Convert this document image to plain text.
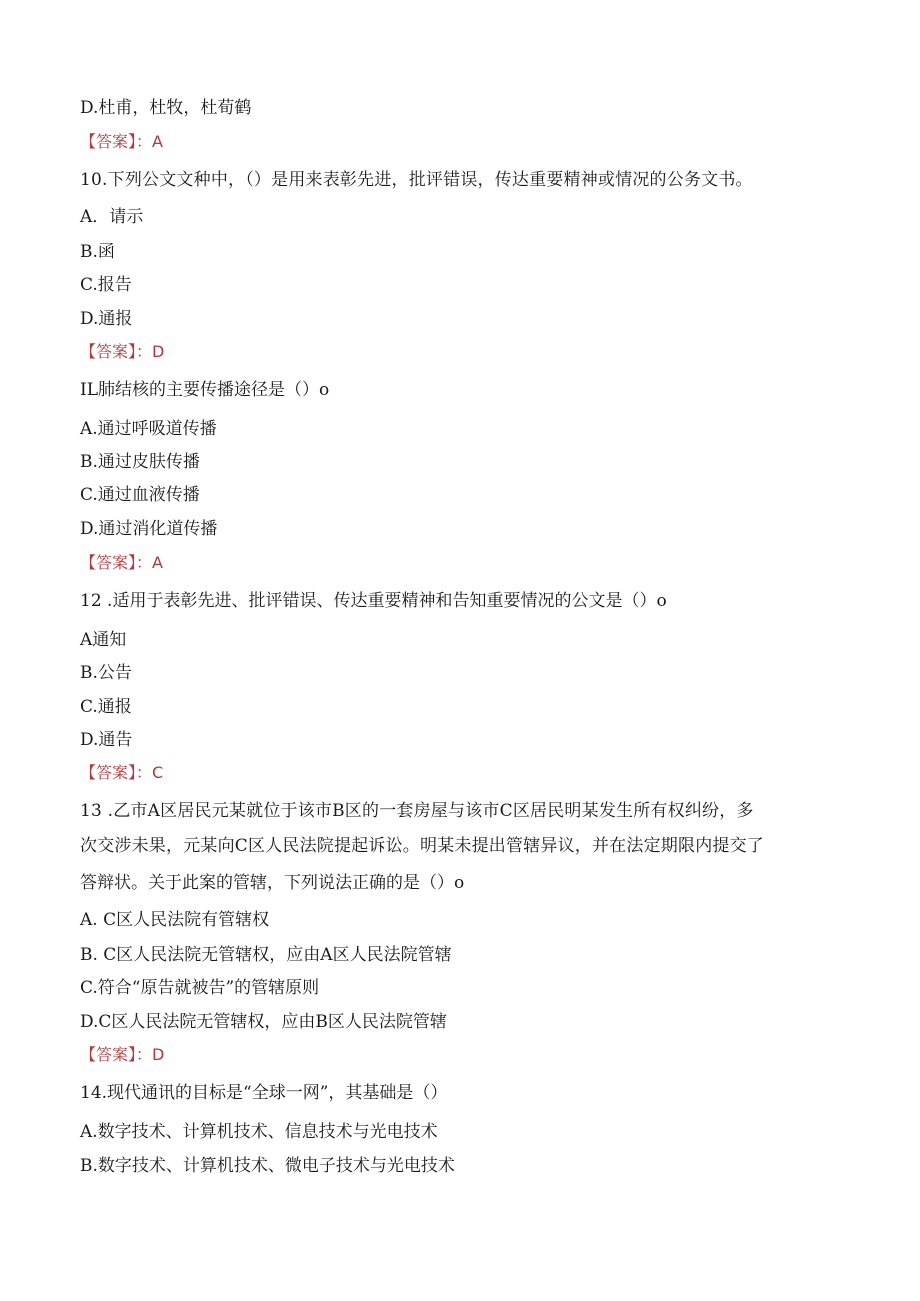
D.杜甫，杜牧，杜荀鹤
【答案】：A
10.下列公文文种中，（）是用来表彰先进，批评错误，传达重要精神或情况的公务文书。
A．请示
B.函
C.报告
D.通报
【答案】：D
IL肺结核的主要传播途径是（）o
A.通过呼吸道传播
B.通过皮肤传播
C.通过血液传播
D.通过消化道传播
【答案】：A
12 .适用于表彰先进、批评错误、传达重要精神和告知重要情况的公文是（）o
A通知
B.公告
C.通报
D.通告
【答案】：C
13 .乙市A区居民元某就位于该市B区的一套房屋与该市C区居民明某发生所有权纠纷，多
次交涉未果，元某向C区人民法院提起诉讼。明某未提出管辖异议，并在法定期限内提交了
答辩状。关于此案的管辖，下列说法正确的是（）o
A. C区人民法院有管辖权
B. C区人民法院无管辖权，应由A区人民法院管辖
C.符合“原告就被告”的管辖原则
D.C区人民法院无管辖权，应由B区人民法院管辖
【答案】：D
14.现代通讯的目标是“全球一网”，其基础是（）
A.数字技术、计算机技术、信息技术与光电技术
B.数字技术、计算机技术、微电子技术与光电技术
